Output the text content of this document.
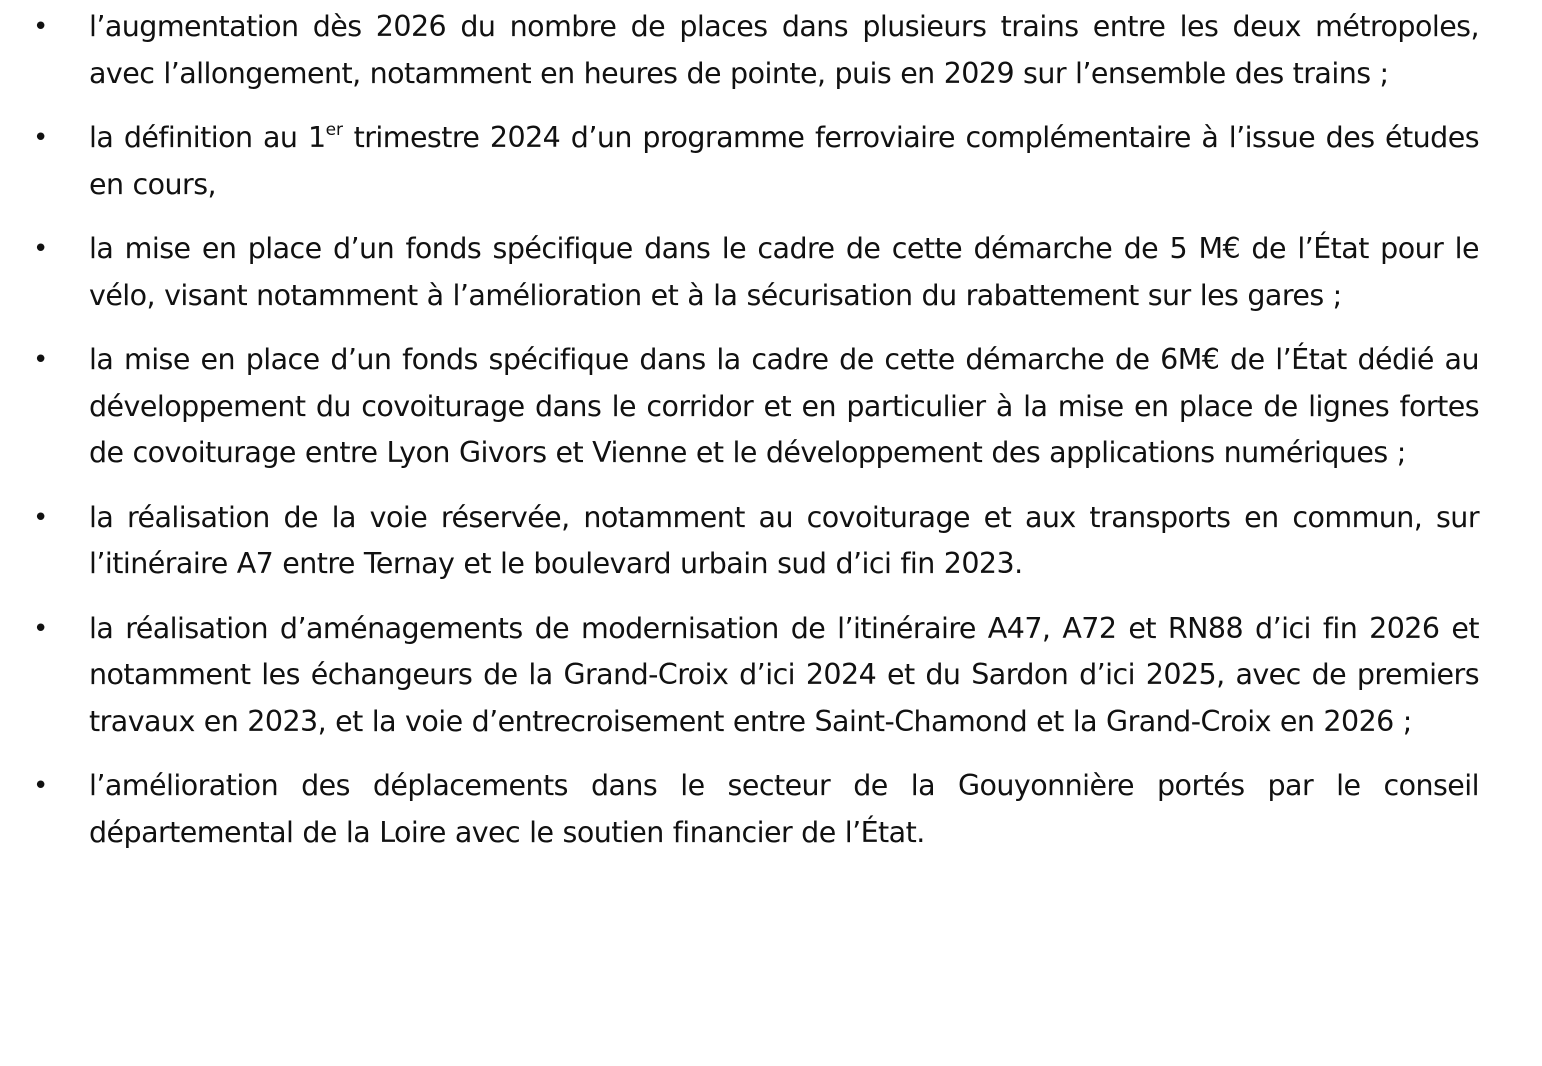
• l’augmentation dès 2026 du nombre de places dans plusieurs trains entre les deux métropoles, avec l’allongement, notamment en heures de pointe, puis en 2029 sur l’ensemble des trains ;
• la définition au 1er trimestre 2024 d’un programme ferroviaire complémentaire à l’issue des études en cours,
• la mise en place d’un fonds spécifique dans le cadre de cette démarche de 5 M€ de l’État pour le vélo, visant notamment à l’amélioration et à la sécurisation du rabattement sur les gares ;
• la mise en place d’un fonds spécifique dans la cadre de cette démarche de 6M€ de l’État dédié au développement du covoiturage dans le corridor et en particulier à la mise en place de lignes fortes de covoiturage entre Lyon Givors et Vienne et le développement des applications numériques ;
• la réalisation de la voie réservée, notamment au covoiturage et aux transports en commun, sur l’itinéraire A7 entre Ternay et le boulevard urbain sud d’ici fin 2023.
• la réalisation d’aménagements de modernisation de l’itinéraire A47, A72 et RN88 d’ici fin 2026 et notamment les échangeurs de la Grand-Croix d’ici 2024 et du Sardon d’ici 2025, avec de premiers travaux en 2023, et la voie d’entrecroisement entre Saint-Chamond et la Grand-Croix en 2026 ;
• l’amélioration des déplacements dans le secteur de la Gouyonnière portés par le conseil départemental de la Loire avec le soutien financier de l’État.
